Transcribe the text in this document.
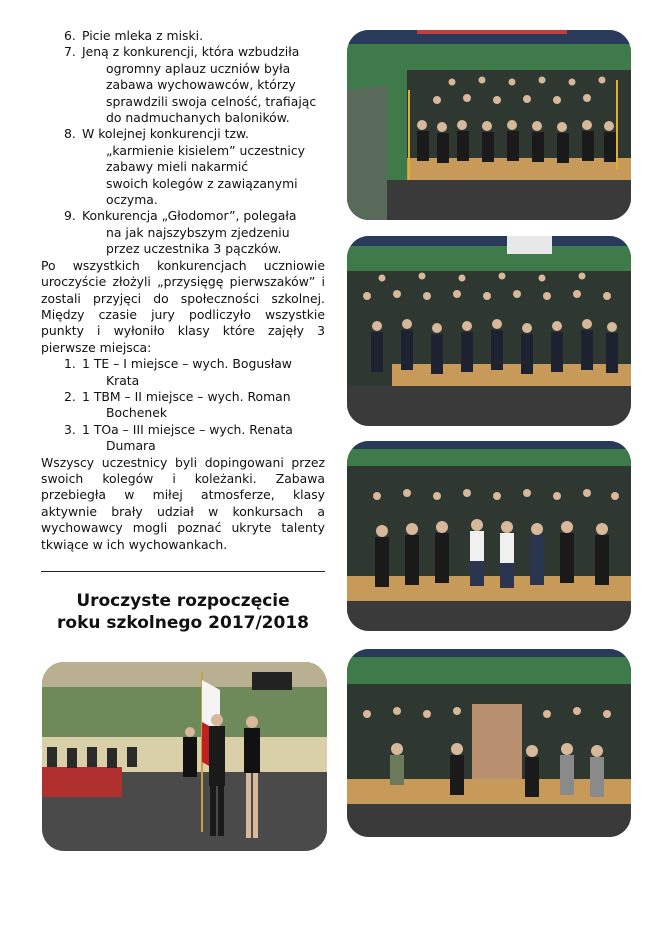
6. Picie mleka z miski.
7. Jeną z konkurencji, która wzbudziła
ogromny aplauz uczniów była
zabawa wychowawców, którzy
sprawdzili swoja celność, trafiając
do nadmuchanych baloników.
8. W kolejnej konkurencji tzw.
„karmienie kisielem” uczestnicy
zabawy mieli nakarmić
swoich kolegów z zawiązanymi
oczyma.
9. Konkurencja „Głodomor”, polegała
na jak najszybszym zjedzeniu
przez uczestnika 3 pączków.

Po wszystkich konkurencjach uczniowie uroczyście złożyli „przysięgę pierwszaków” i zostali przyjęci do społeczności szkolnej. Między czasie jury podliczyło wszystkie punkty i wyłoniło klasy które zajęły 3 pierwsze miejsca:

1. 1 TE – I miejsce – wych. Bogusław
Krata
2. 1 TBM – II miejsce – wych. Roman
Bochenek
3. 1 TOa – III miejsce – wych. Renata
Dumara

Wszyscy uczestnicy byli dopingowani przez swoich kolegów i koleżanki. Zabawa przebiegła w miłej atmosferze, klasy aktywnie brały udział w konkursach a wychowawcy mogli poznać ukryte talenty tkwiące w ich wychowankach.

Uroczyste rozpoczęcie
roku szkolnego 2017/2018
